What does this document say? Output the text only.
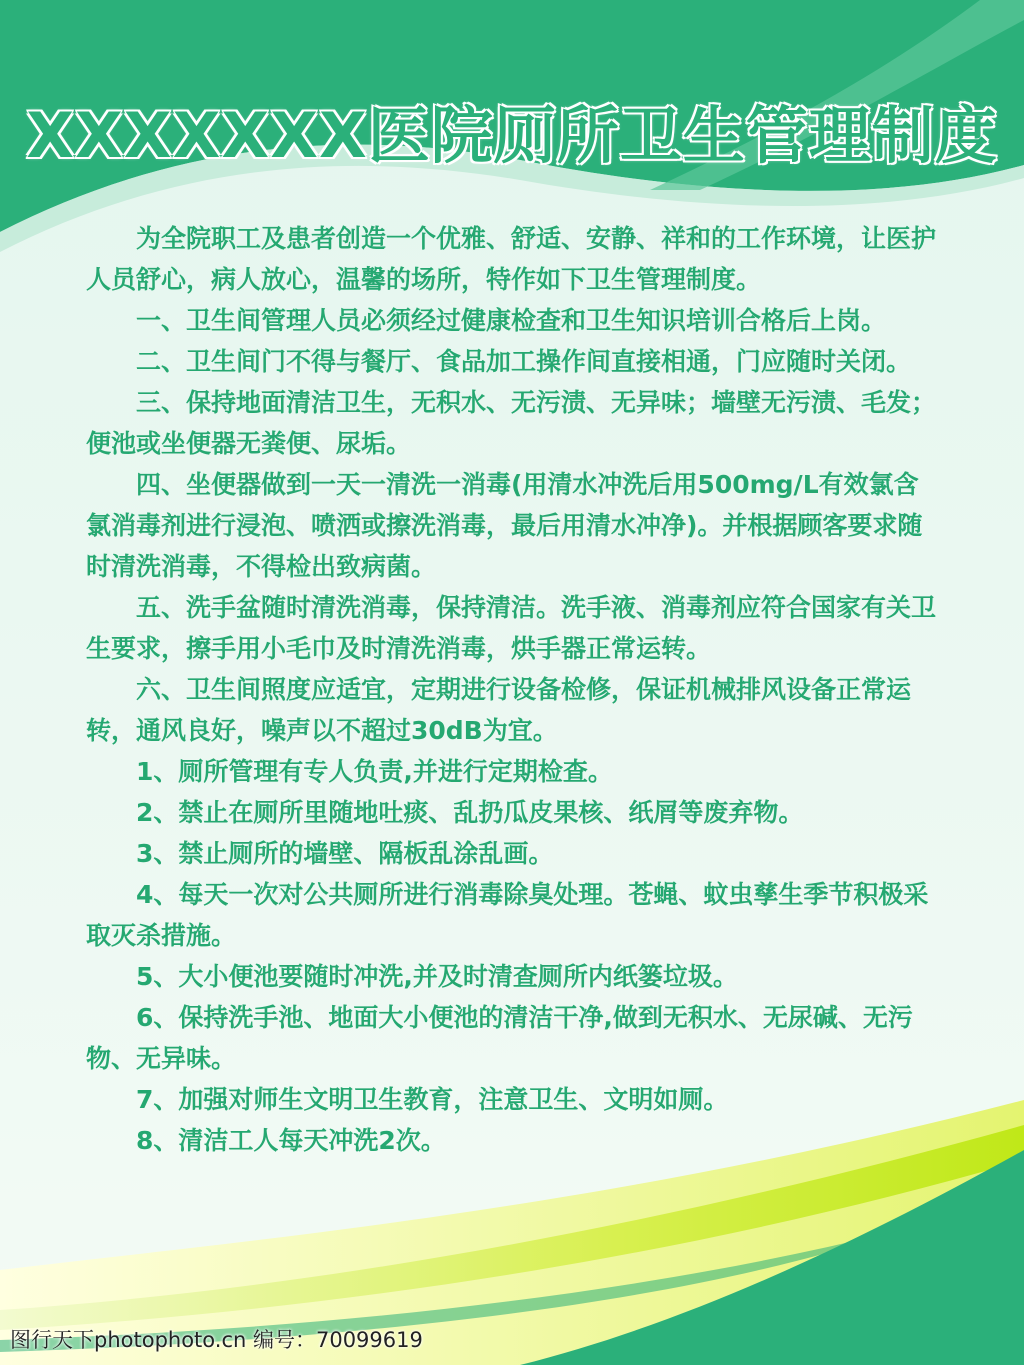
XXXXXXX医院厕所卫生管理制度

为全院职工及患者创造一个优雅、舒适、安静、祥和的工作环境，让医护人员舒心，病人放心，温馨的场所，特作如下卫生管理制度。

一、卫生间管理人员必须经过健康检查和卫生知识培训合格后上岗。

二、卫生间门不得与餐厅、食品加工操作间直接相通，门应随时关闭。

三、保持地面清洁卫生，无积水、无污渍、无异味；墙壁无污渍、毛发；便池或坐便器无粪便、尿垢。

四、坐便器做到一天一清洗一消毒(用清水冲洗后用500mg/L有效氯含氯消毒剂进行浸泡、喷洒或擦洗消毒，最后用清水冲净)。并根据顾客要求随时清洗消毒，不得检出致病菌。

五、洗手盆随时清洗消毒，保持清洁。洗手液、消毒剂应符合国家有关卫生要求，擦手用小毛巾及时清洗消毒，烘手器正常运转。

六、卫生间照度应适宜，定期进行设备检修，保证机械排风设备正常运转，通风良好，噪声以不超过30dB为宜。

1、厕所管理有专人负责,并进行定期检查。

2、禁止在厕所里随地吐痰、乱扔瓜皮果核、纸屑等废弃物。

3、禁止厕所的墙壁、隔板乱涂乱画。

4、每天一次对公共厕所进行消毒除臭处理。苍蝇、蚊虫孳生季节积极采取灭杀措施。

5、大小便池要随时冲洗,并及时清查厕所内纸篓垃圾。

6、保持洗手池、地面大小便池的清洁干净,做到无积水、无尿碱、无污物、无异味。

7、加强对师生文明卫生教育，注意卫生、文明如厕。

8、清洁工人每天冲洗2次。

图行天下photophoto.cn 编号：70099619
